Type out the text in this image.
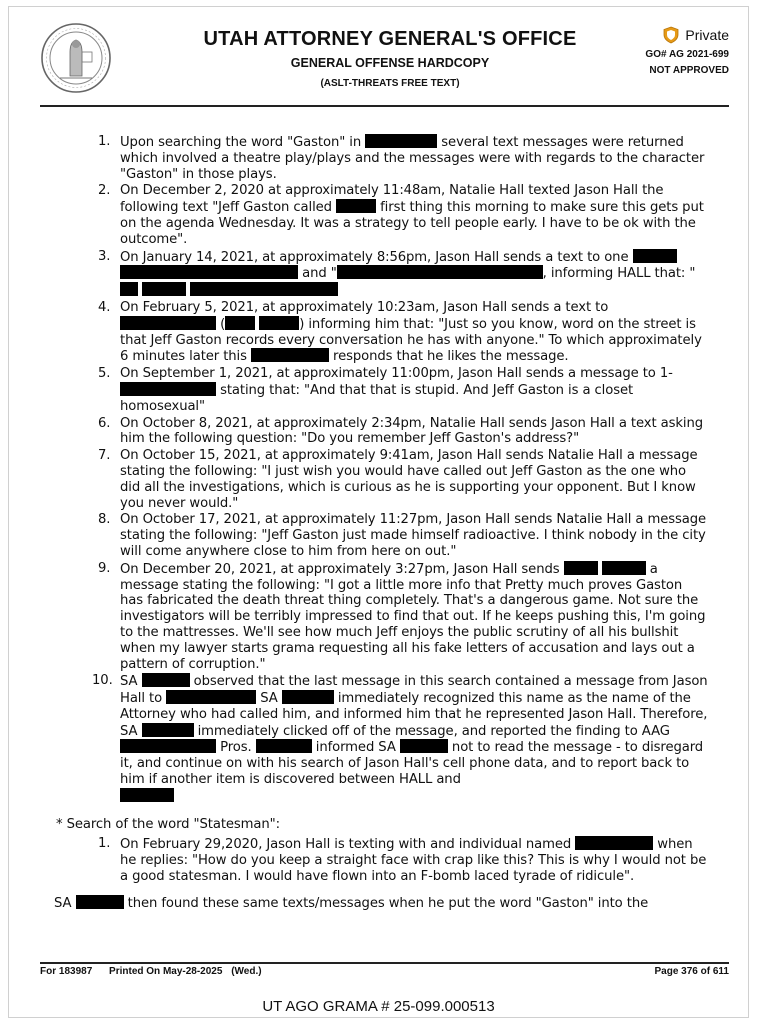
UTAH ATTORNEY GENERAL'S OFFICE
GENERAL OFFENSE HARDCOPY
(ASLT-THREATS FREE TEXT)
Private
GO# AG 2021-699
NOT APPROVED
1. Upon searching the word "Gaston" in	several text messages were returned which involved a theatre play/plays and the messages were with regards to the character "Gaston" in those plays.
2. On December 2, 2020 at approximately 11:48am, Natalie Hall texted Jason Hall the following text "Jeff Gaston called	first thing this morning to make sure this gets put on the agenda Wednesday. It was a strategy to tell people early. I have to be ok with the outcome".
3. On January 14, 2021, at approximately 8:56pm, Jason Hall sends a text to one
and "	, informing HALL that: "
4. On February 5, 2021, at approximately 10:23am, Jason Hall sends a text to  (	) informing him that: "Just so you know, word on the street is that Jeff Gaston records every conversation he has with anyone." To which approximately 6 minutes later this	responds that he likes the message.
5. On September 1, 2021, at approximately 11:00pm, Jason Hall sends a message to 1- stating that: "And that that is stupid. And Jeff Gaston is a closet homosexual"
6. On October 8, 2021, at approximately 2:34pm, Natalie Hall sends Jason Hall a text asking him the following question: "Do you remember Jeff Gaston's address?"
7. On October 15, 2021, at approximately 9:41am, Jason Hall sends Natalie Hall a message stating the following: "I just wish you would have called out Jeff Gaston as the one who did all the investigations, which is curious as he is supporting your opponent. But I know you never would."
8. On October 17, 2021, at approximately 11:27pm, Jason Hall sends Natalie Hall a message stating the following: "Jeff Gaston just made himself radioactive. I think nobody in the city will come anywhere close to him from here on out."
9. On December 20, 2021, at approximately 3:27pm, Jason Hall sends	a message stating the following: "I got a little more info that Pretty much proves Gaston has fabricated the death threat thing completely. That's a dangerous game. Not sure the investigators will be terribly impressed to find that out. If he keeps pushing this, I'm going to the mattresses. We'll see how much Jeff enjoys the public scrutiny of all his bullshit when my lawyer starts grama requesting all his fake letters of accusation and lays out a pattern of corruption."
10. SA	observed that the last message in this search contained a message from Jason Hall to	SA	immediately recognized this name as the name of the Attorney who had called him, and informed him that he represented Jason Hall. Therefore, SA	immediately clicked off of the message, and reported the finding to AAG  Pros.	informed SA	not to read the message - to disregard it, and continue on with his search of Jason Hall's cell phone data, and to report back to him if another item is discovered between HALL and

* Search of the word "Statesman":
1. On February 29,2020, Jason Hall is texting with and individual named	when he replies: "How do you keep a straight face with crap like this? This is why I would not be a good statesman. I would have flown into an F-bomb laced tyrade of ridicule".
SA	then found these same texts/messages when he put the word "Gaston" into the
For 183987 Printed On May-28-2025 (Wed.)	Page 376 of 611
UT AGO GRAMA # 25-099.000513
